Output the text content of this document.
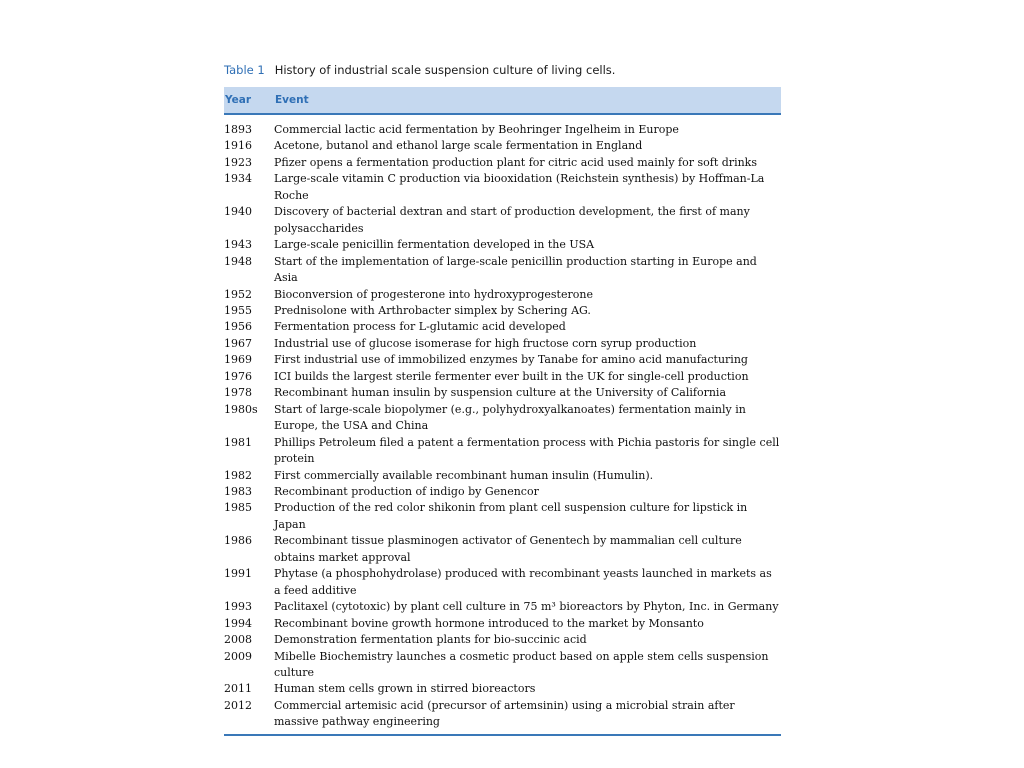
Table 1 History of industrial scale suspension culture of living cells.
Year	Event
1893	Commercial lactic acid fermentation by Beohringer Ingelheim in Europe
1916	Acetone, butanol and ethanol large scale fermentation in England
1923	Pfizer opens a fermentation production plant for citric acid used mainly for soft drinks
1934	Large-scale vitamin C production via biooxidation (Reichstein synthesis) by Hoffman-La Roche
1940	Discovery of bacterial dextran and start of production development, the first of many polysaccharides
1943	Large-scale penicillin fermentation developed in the USA
1948	Start of the implementation of large-scale penicillin production starting in Europe and Asia
1952	Bioconversion of progesterone into hydroxyprogesterone
1955	Prednisolone with Arthrobacter simplex by Schering AG.
1956	Fermentation process for L-glutamic acid developed
1967	Industrial use of glucose isomerase for high fructose corn syrup production
1969	First industrial use of immobilized enzymes by Tanabe for amino acid manufacturing
1976	ICI builds the largest sterile fermenter ever built in the UK for single-cell production
1978	Recombinant human insulin by suspension culture at the University of California
1980s	Start of large-scale biopolymer (e.g., polyhydroxyalkanoates) fermentation mainly in Europe, the USA and China
1981	Phillips Petroleum filed a patent a fermentation process with Pichia pastoris for single cell protein
1982	First commercially available recombinant human insulin (Humulin).
1983	Recombinant production of indigo by Genencor
1985	Production of the red color shikonin from plant cell suspension culture for lipstick in Japan
1986	Recombinant tissue plasminogen activator of Genentech by mammalian cell culture obtains market approval
1991	Phytase (a phosphohydrolase) produced with recombinant yeasts launched in markets as a feed additive
1993	Paclitaxel (cytotoxic) by plant cell culture in 75 m³ bioreactors by Phyton, Inc. in Germany
1994	Recombinant bovine growth hormone introduced to the market by Monsanto
2008	Demonstration fermentation plants for bio-succinic acid
2009	Mibelle Biochemistry launches a cosmetic product based on apple stem cells suspension culture
2011	Human stem cells grown in stirred bioreactors
2012	Commercial artemisic acid (precursor of artemsinin) using a microbial strain after massive pathway engineering
